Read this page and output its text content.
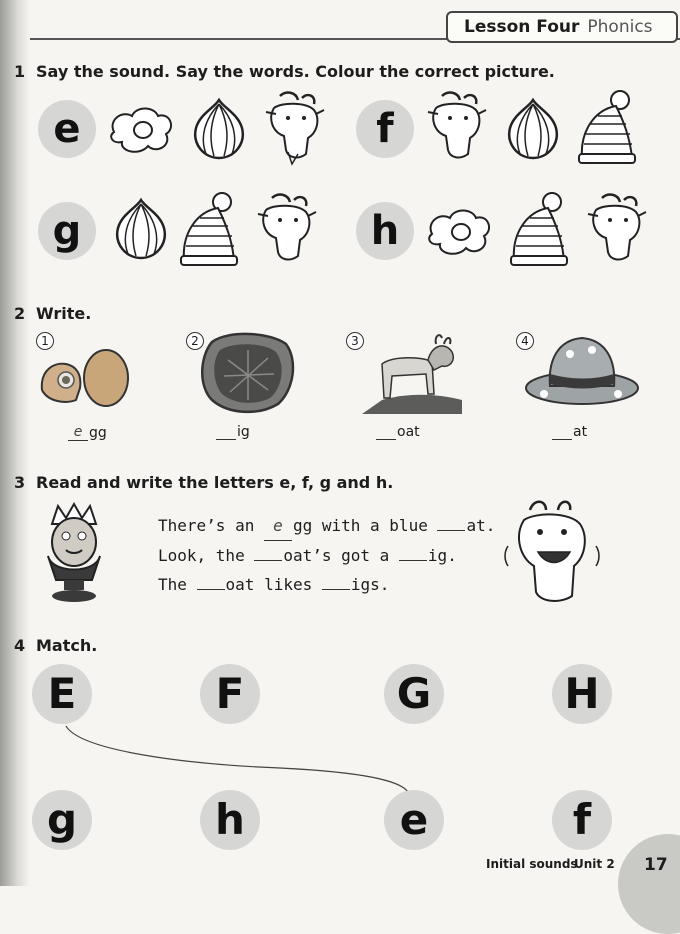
Lesson Four Phonics
1 Say the sound. Say the words. Colour the correct picture.
e	f
g	h
2 Write.
1
e gg
2
ig
3
oat
4
at
3 Read and write the letters e, f, g and h.
There’s an e gg with a blue at.
Look, the oat’s got a ig.
The oat likes igs.
4 Match.
E	F	G	H
g	h	e	f
Initial sounds
Unit 2 17
